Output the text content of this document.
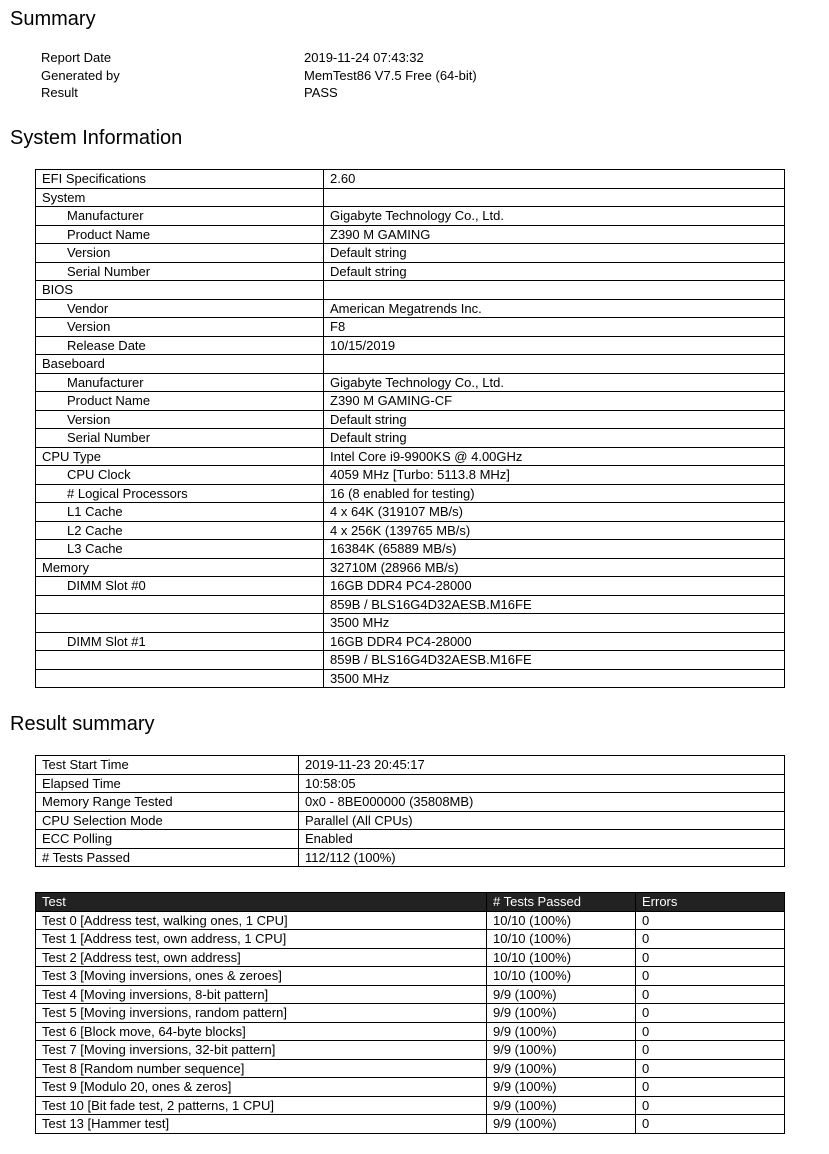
Summary
Report Date	2019-11-24 07:43:32
Generated by	MemTest86 V7.5 Free (64-bit)
Result	PASS
System Information
EFI Specifications	2.60
System	
Manufacturer	Gigabyte Technology Co., Ltd.
Product Name	Z390 M GAMING
Version	Default string
Serial Number	Default string
BIOS	
Vendor	American Megatrends Inc.
Version	F8
Release Date	10/15/2019
Baseboard	
Manufacturer	Gigabyte Technology Co., Ltd.
Product Name	Z390 M GAMING-CF
Version	Default string
Serial Number	Default string
CPU Type	Intel Core i9-9900KS @ 4.00GHz
CPU Clock	4059 MHz [Turbo: 5113.8 MHz]
# Logical Processors	16 (8 enabled for testing)
L1 Cache	4 x 64K (319107 MB/s)
L2 Cache	4 x 256K (139765 MB/s)
L3 Cache	16384K (65889 MB/s)
Memory	32710M (28966 MB/s)
DIMM Slot #0	16GB DDR4 PC4-28000
	859B / BLS16G4D32AESB.M16FE
	3500 MHz
DIMM Slot #1	16GB DDR4 PC4-28000
	859B / BLS16G4D32AESB.M16FE
	3500 MHz
Result summary
Test Start Time	2019-11-23 20:45:17
Elapsed Time	10:58:05
Memory Range Tested	0x0 - 8BE000000 (35808MB)
CPU Selection Mode	Parallel (All CPUs)
ECC Polling	Enabled
# Tests Passed	112/112 (100%)
Test	# Tests Passed	Errors
Test 0 [Address test, walking ones, 1 CPU]	10/10 (100%)	0
Test 1 [Address test, own address, 1 CPU]	10/10 (100%)	0
Test 2 [Address test, own address]	10/10 (100%)	0
Test 3 [Moving inversions, ones & zeroes]	10/10 (100%)	0
Test 4 [Moving inversions, 8-bit pattern]	9/9 (100%)	0
Test 5 [Moving inversions, random pattern]	9/9 (100%)	0
Test 6 [Block move, 64-byte blocks]	9/9 (100%)	0
Test 7 [Moving inversions, 32-bit pattern]	9/9 (100%)	0
Test 8 [Random number sequence]	9/9 (100%)	0
Test 9 [Modulo 20, ones & zeros]	9/9 (100%)	0
Test 10 [Bit fade test, 2 patterns, 1 CPU]	9/9 (100%)	0
Test 13 [Hammer test]	9/9 (100%)	0
